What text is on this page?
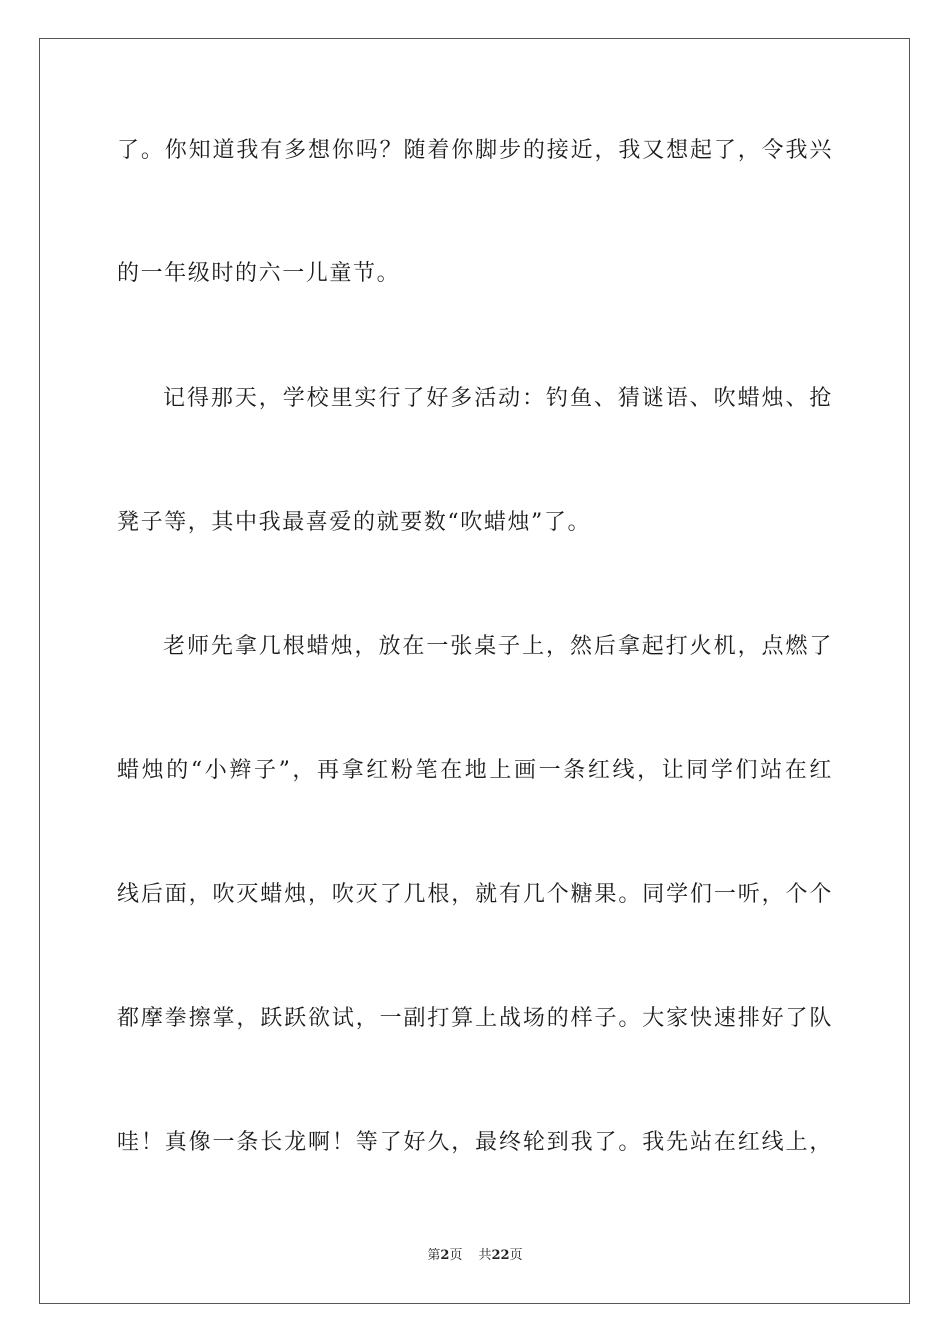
了。你知道我有多想你吗？随着你脚步的接近，我又想起了，令我兴
的一年级时的六一儿童节。
记得那天，学校里实行了好多活动：钓鱼、猜谜语、吹蜡烛、抢
凳子等，其中我最喜爱的就要数“吹蜡烛”了。
老师先拿几根蜡烛，放在一张桌子上，然后拿起打火机，点燃了
蜡烛的“小辫子”，再拿红粉笔在地上画一条红线，让同学们站在红
线后面，吹灭蜡烛，吹灭了几根，就有几个糖果。同学们一听，个个
都摩拳擦掌，跃跃欲试，一副打算上战场的样子。大家快速排好了队
哇！真像一条长龙啊！等了好久，最终轮到我了。我先站在红线上，
第2页 共22页
